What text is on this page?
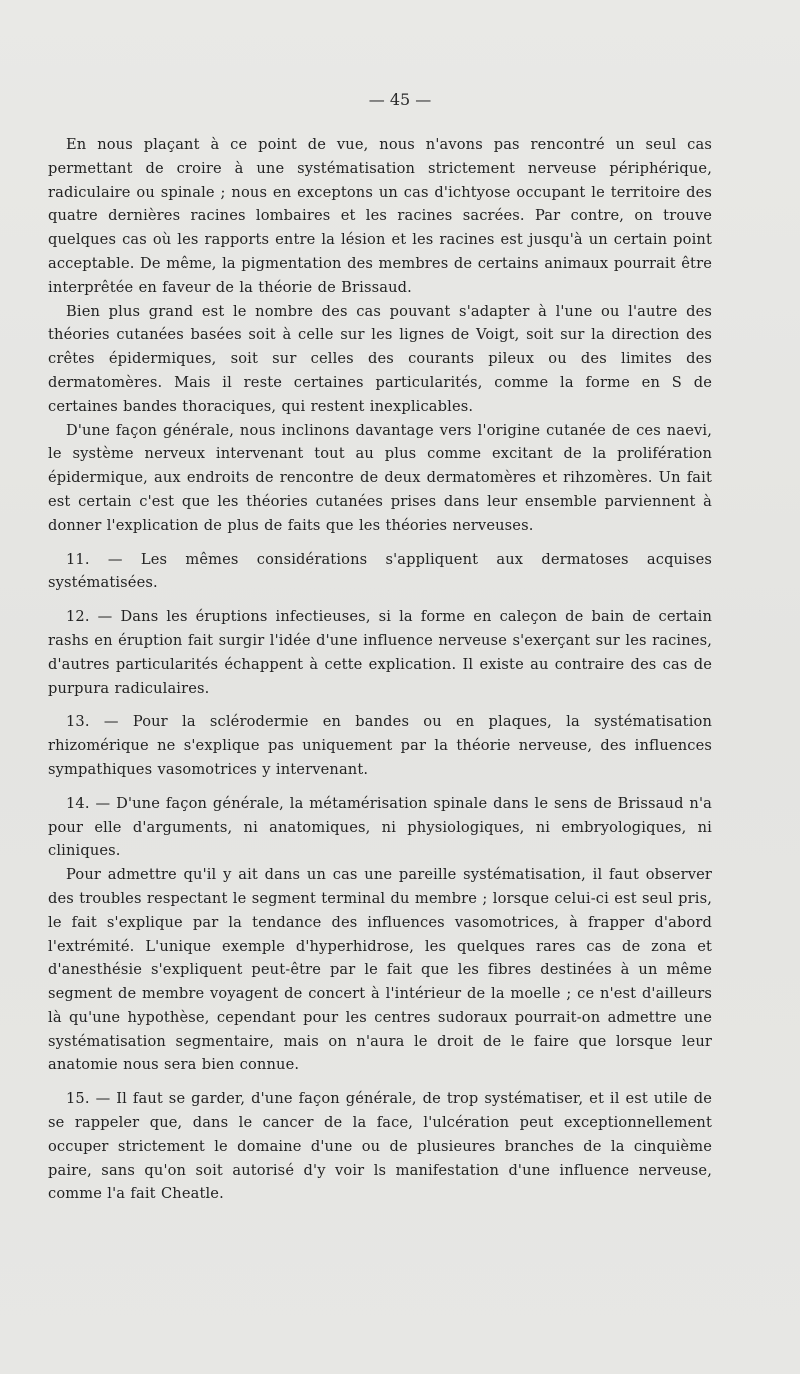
— 45 —

En nous plaçant à ce point de vue, nous n'avons pas rencontré un seul cas permettant de croire à une systématisation strictement nerveuse périphérique, radiculaire ou spinale ; nous en exceptons un cas d'ichtyose occupant le territoire des quatre dernières racines lombaires et les racines sacrées. Par contre, on trouve quelques cas où les rapports entre la lésion et les racines est jusqu'à un certain point acceptable. De même, la pigmentation des membres de certains animaux pourrait être interprêtée en faveur de la théorie de Brissaud.

Bien plus grand est le nombre des cas pouvant s'adapter à l'une ou l'autre des théories cutanées basées soit à celle sur les lignes de Voigt, soit sur la direction des crêtes épidermiques, soit sur celles des courants pileux ou des limites des dermatomères. Mais il reste certaines particularités, comme la forme en S de certaines bandes thoraciques, qui restent inexplicables.

D'une façon générale, nous inclinons davantage vers l'origine cutanée de ces naevi, le système nerveux intervenant tout au plus comme excitant de la prolifération épidermique, aux endroits de rencontre de deux dermatomères et rihzomères. Un fait est certain c'est que les théories cutanées prises dans leur ensemble parviennent à donner l'explication de plus de faits que les théories nerveuses.

11. — Les mêmes considérations s'appliquent aux dermatoses acquises systématisées.

12. — Dans les éruptions infectieuses, si la forme en caleçon de bain de certain rashs en éruption fait surgir l'idée d'une influence nerveuse s'exerçant sur les racines, d'autres particularités échappent à cette explication. Il existe au contraire des cas de purpura radiculaires.

13. — Pour la sclérodermie en bandes ou en plaques, la systématisation rhizomérique ne s'explique pas uniquement par la théorie nerveuse, des influences sympathiques vasomotrices y intervenant.

14. — D'une façon générale, la métamérisation spinale dans le sens de Brissaud n'a pour elle d'arguments, ni anatomiques, ni physiologiques, ni embryologiques, ni cliniques.

Pour admettre qu'il y ait dans un cas une pareille systématisation, il faut observer des troubles respectant le segment terminal du membre ; lorsque celui-ci est seul pris, le fait s'explique par la tendance des influences vasomotrices, à frapper d'abord l'extrémité. L'unique exemple d'hyperhidrose, les quelques rares cas de zona et d'anesthésie s'expliquent peut-être par le fait que les fibres destinées à un même segment de membre voyagent de concert à l'intérieur de la moelle ; ce n'est d'ailleurs là qu'une hypothèse, cependant pour les centres sudoraux pourrait-on admettre une systématisation segmentaire, mais on n'aura le droit de le faire que lorsque leur anatomie nous sera bien connue.

15. — Il faut se garder, d'une façon générale, de trop systématiser, et il est utile de se rappeler que, dans le cancer de la face, l'ulcération peut exceptionnellement occuper strictement le domaine d'une ou de plusieures branches de la cinquième paire, sans qu'on soit autorisé d'y voir ls manifestation d'une influence nerveuse, comme l'a fait Cheatle.
